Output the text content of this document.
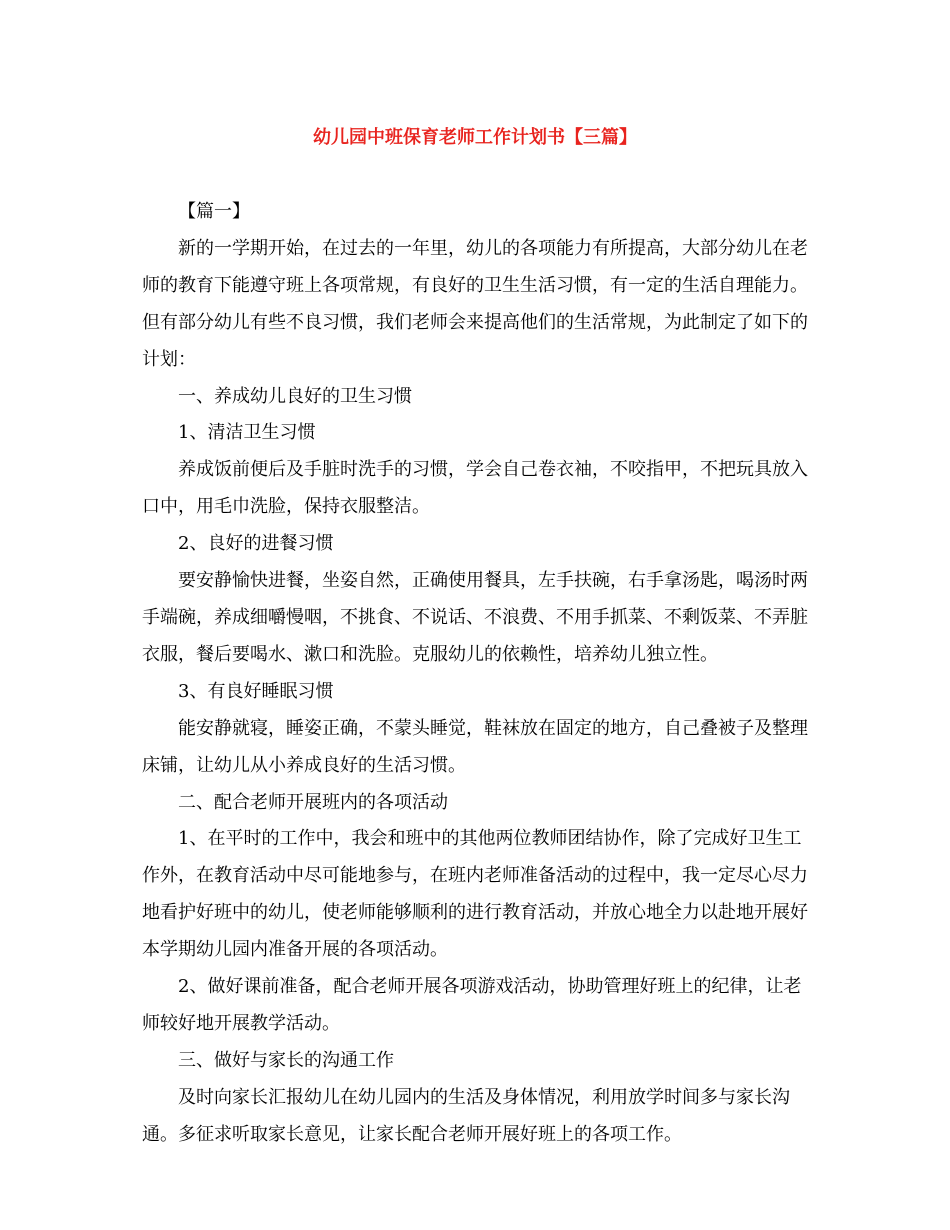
幼儿园中班保育老师工作计划书【三篇】

【篇一】

新的一学期开始，在过去的一年里，幼儿的各项能力有所提高，大部分幼儿在老师的教育下能遵守班上各项常规，有良好的卫生生活习惯，有一定的生活自理能力。但有部分幼儿有些不良习惯，我们老师会来提高他们的生活常规，为此制定了如下的计划：

一、养成幼儿良好的卫生习惯

1、清洁卫生习惯

养成饭前便后及手脏时洗手的习惯，学会自己卷衣袖，不咬指甲，不把玩具放入口中，用毛巾洗脸，保持衣服整洁。

2、良好的进餐习惯

要安静愉快进餐，坐姿自然，正确使用餐具，左手扶碗，右手拿汤匙，喝汤时两手端碗，养成细嚼慢咽，不挑食、不说话、不浪费、不用手抓菜、不剩饭菜、不弄脏衣服，餐后要喝水、漱口和洗脸。克服幼儿的依赖性，培养幼儿独立性。

3、有良好睡眠习惯

能安静就寝，睡姿正确，不蒙头睡觉，鞋袜放在固定的地方，自己叠被子及整理床铺，让幼儿从小养成良好的生活习惯。

二、配合老师开展班内的各项活动

1、在平时的工作中，我会和班中的其他两位教师团结协作，除了完成好卫生工作外，在教育活动中尽可能地参与，在班内老师准备活动的过程中，我一定尽心尽力地看护好班中的幼儿，使老师能够顺利的进行教育活动，并放心地全力以赴地开展好本学期幼儿园内准备开展的各项活动。

2、做好课前准备，配合老师开展各项游戏活动，协助管理好班上的纪律，让老师较好地开展教学活动。

三、做好与家长的沟通工作

及时向家长汇报幼儿在幼儿园内的生活及身体情况，利用放学时间多与家长沟通。多征求听取家长意见，让家长配合老师开展好班上的各项工作。
